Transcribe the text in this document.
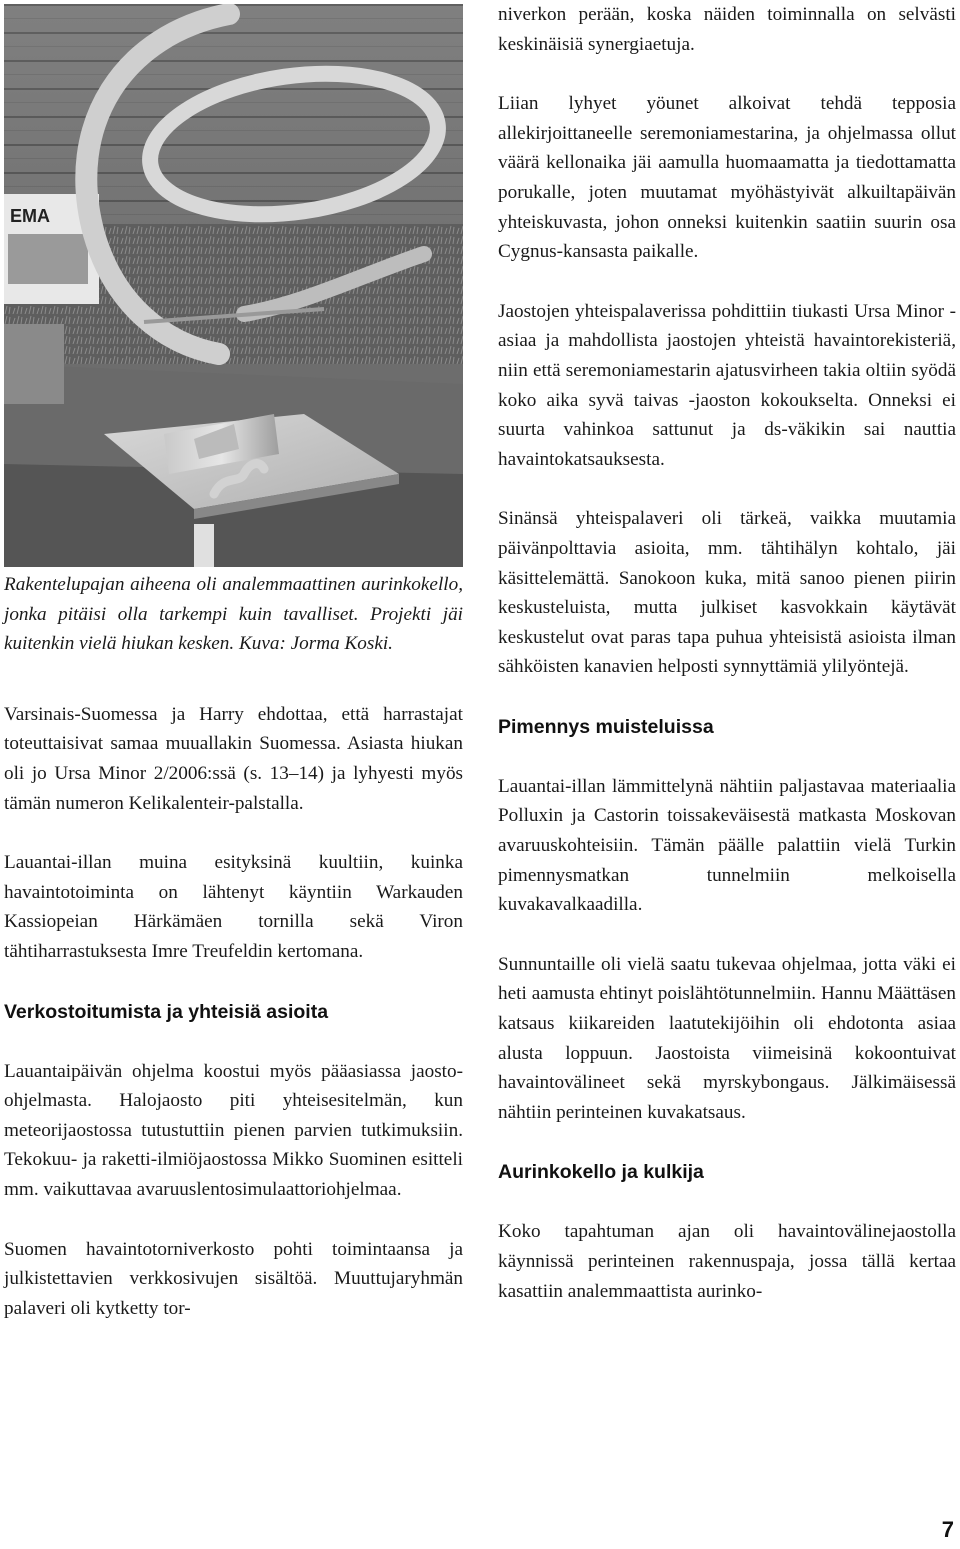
EMA

Rakentelupajan aiheena oli analemmaattinen aurinkokello, jonka pitäisi olla tarkempi kuin tavalliset. Projekti jäi kuitenkin vielä hiukan kesken. Kuva: Jorma Koski.

Varsinais-Suomessa ja Harry ehdottaa, että harrastajat toteuttaisivat samaa muuallakin Suomessa. Asiasta hiukan oli jo Ursa Minor 2/2006:ssä (s. 13–14) ja lyhyesti myös tämän numeron Kelikalenteir-palstalla.

Lauantai-illan muina esityksinä kuultiin, kuinka havaintotoiminta on lähtenyt käyntiin Warkauden Kassiopeian Härkämäen tornilla sekä Viron tähtiharrastuksesta Imre Treufeldin kertomana.

Verkostoitumista ja yhteisiä asioita

Lauantaipäivän ohjelma koostui myös pääasiassa jaosto-ohjelmasta. Halojaosto piti yhteisesitelmän, kun meteorijaostossa tutustuttiin pienen parvien tutkimuksiin. Tekokuu- ja raketti-ilmiöjaostossa Mikko Suominen esitteli mm. vaikuttavaa avaruuslentosimulaattoriohjelmaa.

Suomen havaintotorniverkosto pohti toimintaansa ja julkistettavien verkkosivujen sisältöä. Muuttujaryhmän palaveri oli kytketty tor-

niverkon perään, koska näiden toiminnalla on selvästi keskinäisiä synergiaetuja.

Liian lyhyet yöunet alkoivat tehdä tepposia allekirjoittaneelle seremoniamestarina, ja ohjelmassa ollut väärä kellonaika jäi aamulla huomaamatta ja tiedottamatta porukalle, joten muutamat myöhästyivät alkuiltapäivän yhteiskuvasta, johon onneksi kuitenkin saatiin suurin osa Cygnus-kansasta paikalle.

Jaostojen yhteispalaverissa pohdittiin tiukasti Ursa Minor -asiaa ja mahdollista jaostojen yhteistä havaintorekisteriä, niin että seremoniamestarin ajatusvirheen takia oltiin syödä koko aika syvä taivas -jaoston kokoukselta. Onneksi ei suurta vahinkoa sattunut ja ds-väkikin sai nauttia havaintokatsauksesta.

Sinänsä yhteispalaveri oli tärkeä, vaikka muutamia päivänpolttavia asioita, mm. tähtihälyn kohtalo, jäi käsittelemättä. Sanokoon kuka, mitä sanoo pienen piirin keskusteluista, mutta julkiset kasvokkain käytävät keskustelut ovat paras tapa puhua yhteisistä asioista ilman sähköisten kanavien helposti synnyttämiä ylilyöntejä.

Pimennys muisteluissa

Lauantai-illan lämmittelynä nähtiin paljastavaa materiaalia Polluxin ja Castorin toissakeväisestä matkasta Moskovan avaruuskohteisiin. Tämän päälle palattiin vielä Turkin pimennysmatkan tunnelmiin melkoisella kuvakavalkaadilla.

Sunnuntaille oli vielä saatu tukevaa ohjelmaa, jotta väki ei heti aamusta ehtinyt poislähtötunnelmiin. Hannu Määttäsen katsaus kiikareiden laatutekijöihin oli ehdotonta asiaa alusta loppuun. Jaostoista viimeisinä kokoontuivat havaintovälineet sekä myrskybongaus. Jälkimäisessä nähtiin perinteinen kuvakatsaus.

Aurinkokello ja kulkija

Koko tapahtuman ajan oli havaintovälinejaostolla käynnissä perinteinen rakennuspaja, jossa tällä kertaa kasattiin analemmaattista aurinko-

7
